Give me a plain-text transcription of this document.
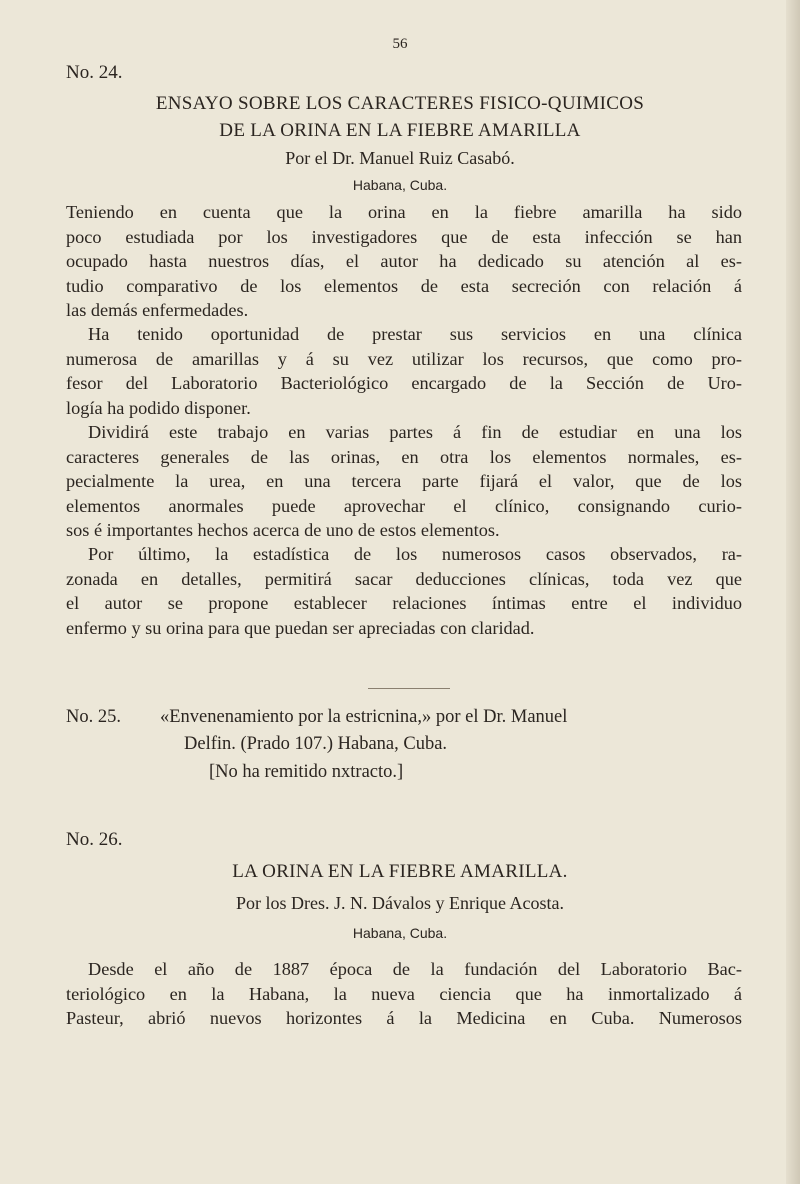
56
No. 24.
ENSAYO SOBRE LOS CARACTERES FISICO-QUIMICOS
DE LA ORINA EN LA FIEBRE AMARILLA
Por el Dr. Manuel Ruiz Casabó.
Habana, Cuba.

Teniendo en cuenta que la orina en la fiebre amarilla ha sido
poco estudiada por los investigadores que de esta infección se han
ocupado hasta nuestros días, el autor ha dedicado su atención al es-
tudio comparativo de los elementos de esta secreción con relación á
las demás enfermedades.

Ha tenido oportunidad de prestar sus servicios en una clínica
numerosa de amarillas y á su vez utilizar los recursos, que como pro-
fesor del Laboratorio Bacteriológico encargado de la Sección de Uro-
logía ha podido disponer.

Dividirá este trabajo en varias partes á fin de estudiar en una los
caracteres generales de las orinas, en otra los elementos normales, es-
pecialmente la urea, en una tercera parte fijará el valor, que de los
elementos anormales puede aprovechar el clínico, consignando curio-
sos é importantes hechos acerca de uno de estos elementos.

Por último, la estadística de los numerosos casos observados, ra-
zonada en detalles, permitirá sacar deducciones clínicas, toda vez que
el autor se propone establecer relaciones íntimas entre el individuo
enfermo y su orina para que puedan ser apreciadas con claridad.

No. 25. «Envenenamiento por la estricnina,» por el Dr. Manuel
Delfin. (Prado 107.) Habana, Cuba.
[No ha remitido nxtracto.]
No. 26.
LA ORINA EN LA FIEBRE AMARILLA.
Por los Dres. J. N. Dávalos y Enrique Acosta.
Habana, Cuba.

Desde el año de 1887 época de la fundación del Laboratorio Bac-
teriológico en la Habana, la nueva ciencia que ha inmortalizado á
Pasteur, abrió nuevos horizontes á la Medicina en Cuba. Numerosos
